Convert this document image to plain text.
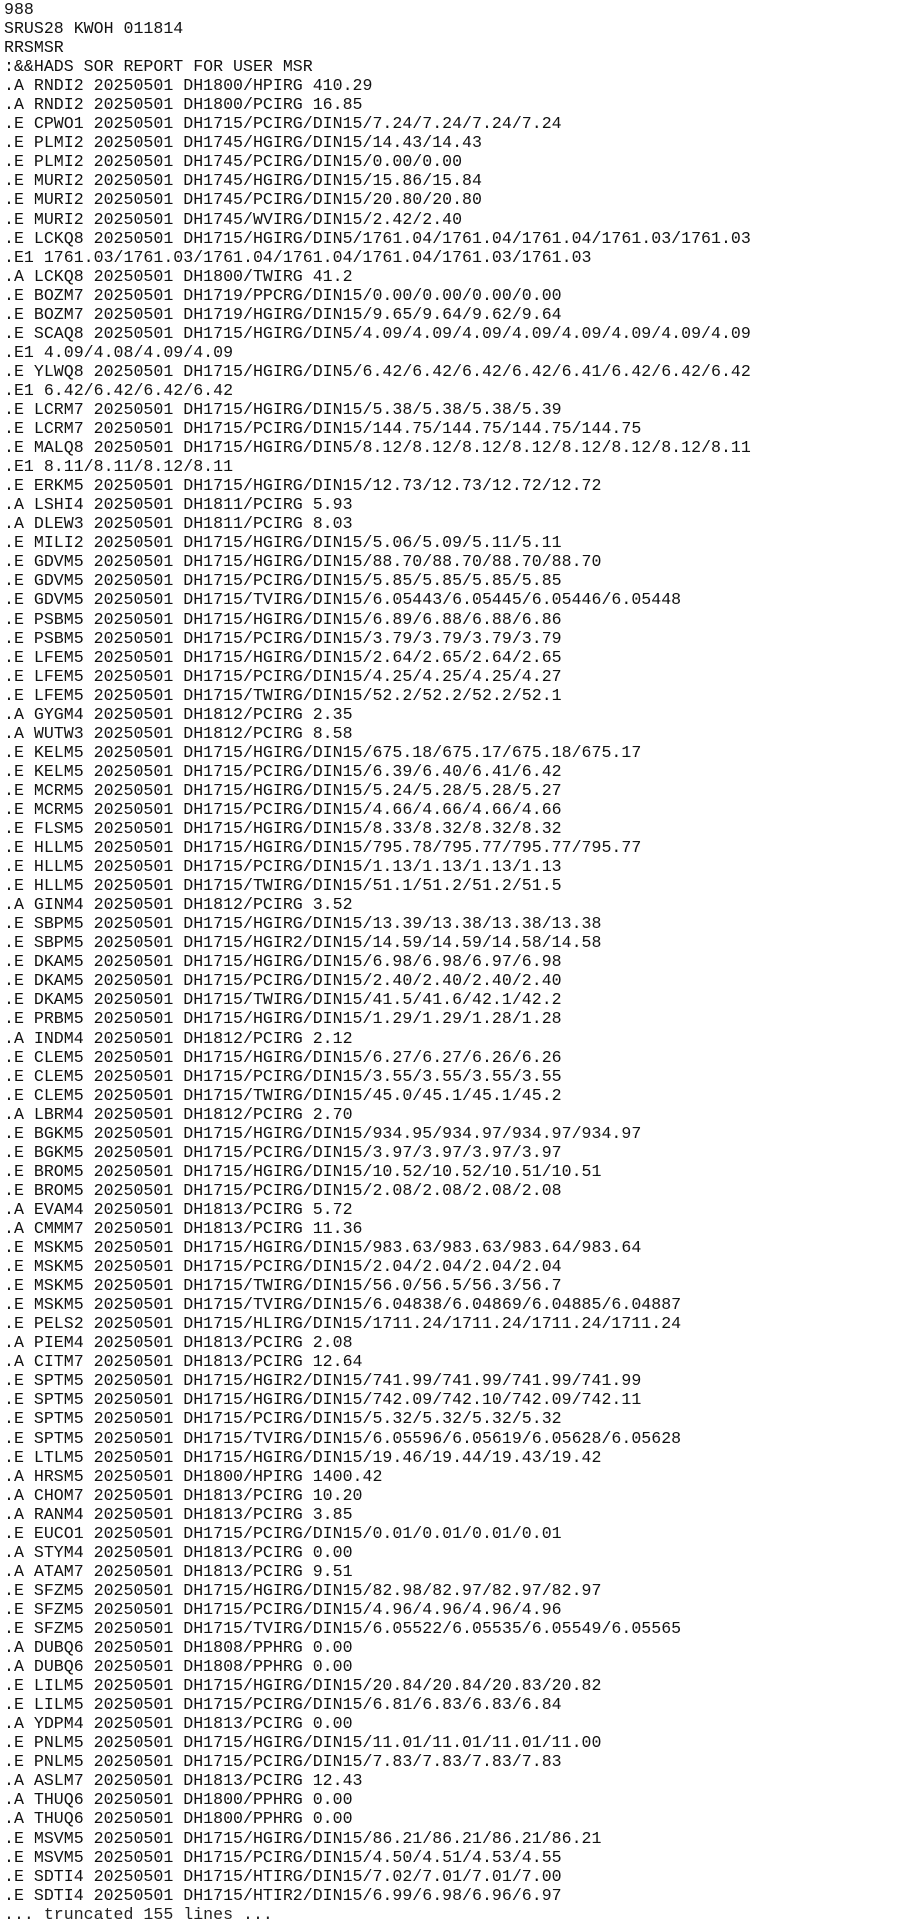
988
SRUS28 KWOH 011814
RRSMSR
:&&HADS SOR REPORT FOR USER MSR
.A RNDI2 20250501 DH1800/HPIRG 410.29
.A RNDI2 20250501 DH1800/PCIRG 16.85
.E CPWO1 20250501 DH1715/PCIRG/DIN15/7.24/7.24/7.24/7.24
.E PLMI2 20250501 DH1745/HGIRG/DIN15/14.43/14.43
.E PLMI2 20250501 DH1745/PCIRG/DIN15/0.00/0.00
.E MURI2 20250501 DH1745/HGIRG/DIN15/15.86/15.84
.E MURI2 20250501 DH1745/PCIRG/DIN15/20.80/20.80
.E MURI2 20250501 DH1745/WVIRG/DIN15/2.42/2.40
.E LCKQ8 20250501 DH1715/HGIRG/DIN5/1761.04/1761.04/1761.04/1761.03/1761.03
.E1 1761.03/1761.03/1761.04/1761.04/1761.04/1761.03/1761.03
.A LCKQ8 20250501 DH1800/TWIRG 41.2
.E BOZM7 20250501 DH1719/PPCRG/DIN15/0.00/0.00/0.00/0.00
.E BOZM7 20250501 DH1719/HGIRG/DIN15/9.65/9.64/9.62/9.64
.E SCAQ8 20250501 DH1715/HGIRG/DIN5/4.09/4.09/4.09/4.09/4.09/4.09/4.09/4.09
.E1 4.09/4.08/4.09/4.09
.E YLWQ8 20250501 DH1715/HGIRG/DIN5/6.42/6.42/6.42/6.42/6.41/6.42/6.42/6.42
.E1 6.42/6.42/6.42/6.42
.E LCRM7 20250501 DH1715/HGIRG/DIN15/5.38/5.38/5.38/5.39
.E LCRM7 20250501 DH1715/PCIRG/DIN15/144.75/144.75/144.75/144.75
.E MALQ8 20250501 DH1715/HGIRG/DIN5/8.12/8.12/8.12/8.12/8.12/8.12/8.12/8.11
.E1 8.11/8.11/8.12/8.11
.E ERKM5 20250501 DH1715/HGIRG/DIN15/12.73/12.73/12.72/12.72
.A LSHI4 20250501 DH1811/PCIRG 5.93
.A DLEW3 20250501 DH1811/PCIRG 8.03
.E MILI2 20250501 DH1715/HGIRG/DIN15/5.06/5.09/5.11/5.11
.E GDVM5 20250501 DH1715/HGIRG/DIN15/88.70/88.70/88.70/88.70
.E GDVM5 20250501 DH1715/PCIRG/DIN15/5.85/5.85/5.85/5.85
.E GDVM5 20250501 DH1715/TVIRG/DIN15/6.05443/6.05445/6.05446/6.05448
.E PSBM5 20250501 DH1715/HGIRG/DIN15/6.89/6.88/6.88/6.86
.E PSBM5 20250501 DH1715/PCIRG/DIN15/3.79/3.79/3.79/3.79
.E LFEM5 20250501 DH1715/HGIRG/DIN15/2.64/2.65/2.64/2.65
.E LFEM5 20250501 DH1715/PCIRG/DIN15/4.25/4.25/4.25/4.27
.E LFEM5 20250501 DH1715/TWIRG/DIN15/52.2/52.2/52.2/52.1
.A GYGM4 20250501 DH1812/PCIRG 2.35
.A WUTW3 20250501 DH1812/PCIRG 8.58
.E KELM5 20250501 DH1715/HGIRG/DIN15/675.18/675.17/675.18/675.17
.E KELM5 20250501 DH1715/PCIRG/DIN15/6.39/6.40/6.41/6.42
.E MCRM5 20250501 DH1715/HGIRG/DIN15/5.24/5.28/5.28/5.27
.E MCRM5 20250501 DH1715/PCIRG/DIN15/4.66/4.66/4.66/4.66
.E FLSM5 20250501 DH1715/HGIRG/DIN15/8.33/8.32/8.32/8.32
.E HLLM5 20250501 DH1715/HGIRG/DIN15/795.78/795.77/795.77/795.77
.E HLLM5 20250501 DH1715/PCIRG/DIN15/1.13/1.13/1.13/1.13
.E HLLM5 20250501 DH1715/TWIRG/DIN15/51.1/51.2/51.2/51.5
.A GINM4 20250501 DH1812/PCIRG 3.52
.E SBPM5 20250501 DH1715/HGIRG/DIN15/13.39/13.38/13.38/13.38
.E SBPM5 20250501 DH1715/HGIR2/DIN15/14.59/14.59/14.58/14.58
.E DKAM5 20250501 DH1715/HGIRG/DIN15/6.98/6.98/6.97/6.98
.E DKAM5 20250501 DH1715/PCIRG/DIN15/2.40/2.40/2.40/2.40
.E DKAM5 20250501 DH1715/TWIRG/DIN15/41.5/41.6/42.1/42.2
.E PRBM5 20250501 DH1715/HGIRG/DIN15/1.29/1.29/1.28/1.28
.A INDM4 20250501 DH1812/PCIRG 2.12
.E CLEM5 20250501 DH1715/HGIRG/DIN15/6.27/6.27/6.26/6.26
.E CLEM5 20250501 DH1715/PCIRG/DIN15/3.55/3.55/3.55/3.55
.E CLEM5 20250501 DH1715/TWIRG/DIN15/45.0/45.1/45.1/45.2
.A LBRM4 20250501 DH1812/PCIRG 2.70
.E BGKM5 20250501 DH1715/HGIRG/DIN15/934.95/934.97/934.97/934.97
.E BGKM5 20250501 DH1715/PCIRG/DIN15/3.97/3.97/3.97/3.97
.E BROM5 20250501 DH1715/HGIRG/DIN15/10.52/10.52/10.51/10.51
.E BROM5 20250501 DH1715/PCIRG/DIN15/2.08/2.08/2.08/2.08
.A EVAM4 20250501 DH1813/PCIRG 5.72
.A CMMM7 20250501 DH1813/PCIRG 11.36
.E MSKM5 20250501 DH1715/HGIRG/DIN15/983.63/983.63/983.64/983.64
.E MSKM5 20250501 DH1715/PCIRG/DIN15/2.04/2.04/2.04/2.04
.E MSKM5 20250501 DH1715/TWIRG/DIN15/56.0/56.5/56.3/56.7
.E MSKM5 20250501 DH1715/TVIRG/DIN15/6.04838/6.04869/6.04885/6.04887
.E PELS2 20250501 DH1715/HLIRG/DIN15/1711.24/1711.24/1711.24/1711.24
.A PIEM4 20250501 DH1813/PCIRG 2.08
.A CITM7 20250501 DH1813/PCIRG 12.64
.E SPTM5 20250501 DH1715/HGIR2/DIN15/741.99/741.99/741.99/741.99
.E SPTM5 20250501 DH1715/HGIRG/DIN15/742.09/742.10/742.09/742.11
.E SPTM5 20250501 DH1715/PCIRG/DIN15/5.32/5.32/5.32/5.32
.E SPTM5 20250501 DH1715/TVIRG/DIN15/6.05596/6.05619/6.05628/6.05628
.E LTLM5 20250501 DH1715/HGIRG/DIN15/19.46/19.44/19.43/19.42
.A HRSM5 20250501 DH1800/HPIRG 1400.42
.A CHOM7 20250501 DH1813/PCIRG 10.20
.A RANM4 20250501 DH1813/PCIRG 3.85
.E EUCO1 20250501 DH1715/PCIRG/DIN15/0.01/0.01/0.01/0.01
.A STYM4 20250501 DH1813/PCIRG 0.00
.A ATAM7 20250501 DH1813/PCIRG 9.51
.E SFZM5 20250501 DH1715/HGIRG/DIN15/82.98/82.97/82.97/82.97
.E SFZM5 20250501 DH1715/PCIRG/DIN15/4.96/4.96/4.96/4.96
.E SFZM5 20250501 DH1715/TVIRG/DIN15/6.05522/6.05535/6.05549/6.05565
.A DUBQ6 20250501 DH1808/PPHRG 0.00
.A DUBQ6 20250501 DH1808/PPHRG 0.00
.E LILM5 20250501 DH1715/HGIRG/DIN15/20.84/20.84/20.83/20.82
.E LILM5 20250501 DH1715/PCIRG/DIN15/6.81/6.83/6.83/6.84
.A YDPM4 20250501 DH1813/PCIRG 0.00
.E PNLM5 20250501 DH1715/HGIRG/DIN15/11.01/11.01/11.01/11.00
.E PNLM5 20250501 DH1715/PCIRG/DIN15/7.83/7.83/7.83/7.83
.A ASLM7 20250501 DH1813/PCIRG 12.43
.A THUQ6 20250501 DH1800/PPHRG 0.00
.A THUQ6 20250501 DH1800/PPHRG 0.00
.E MSVM5 20250501 DH1715/HGIRG/DIN15/86.21/86.21/86.21/86.21
.E MSVM5 20250501 DH1715/PCIRG/DIN15/4.50/4.51/4.53/4.55
.E SDTI4 20250501 DH1715/HTIRG/DIN15/7.02/7.01/7.01/7.00
.E SDTI4 20250501 DH1715/HTIR2/DIN15/6.99/6.98/6.96/6.97
... truncated 155 lines ...
